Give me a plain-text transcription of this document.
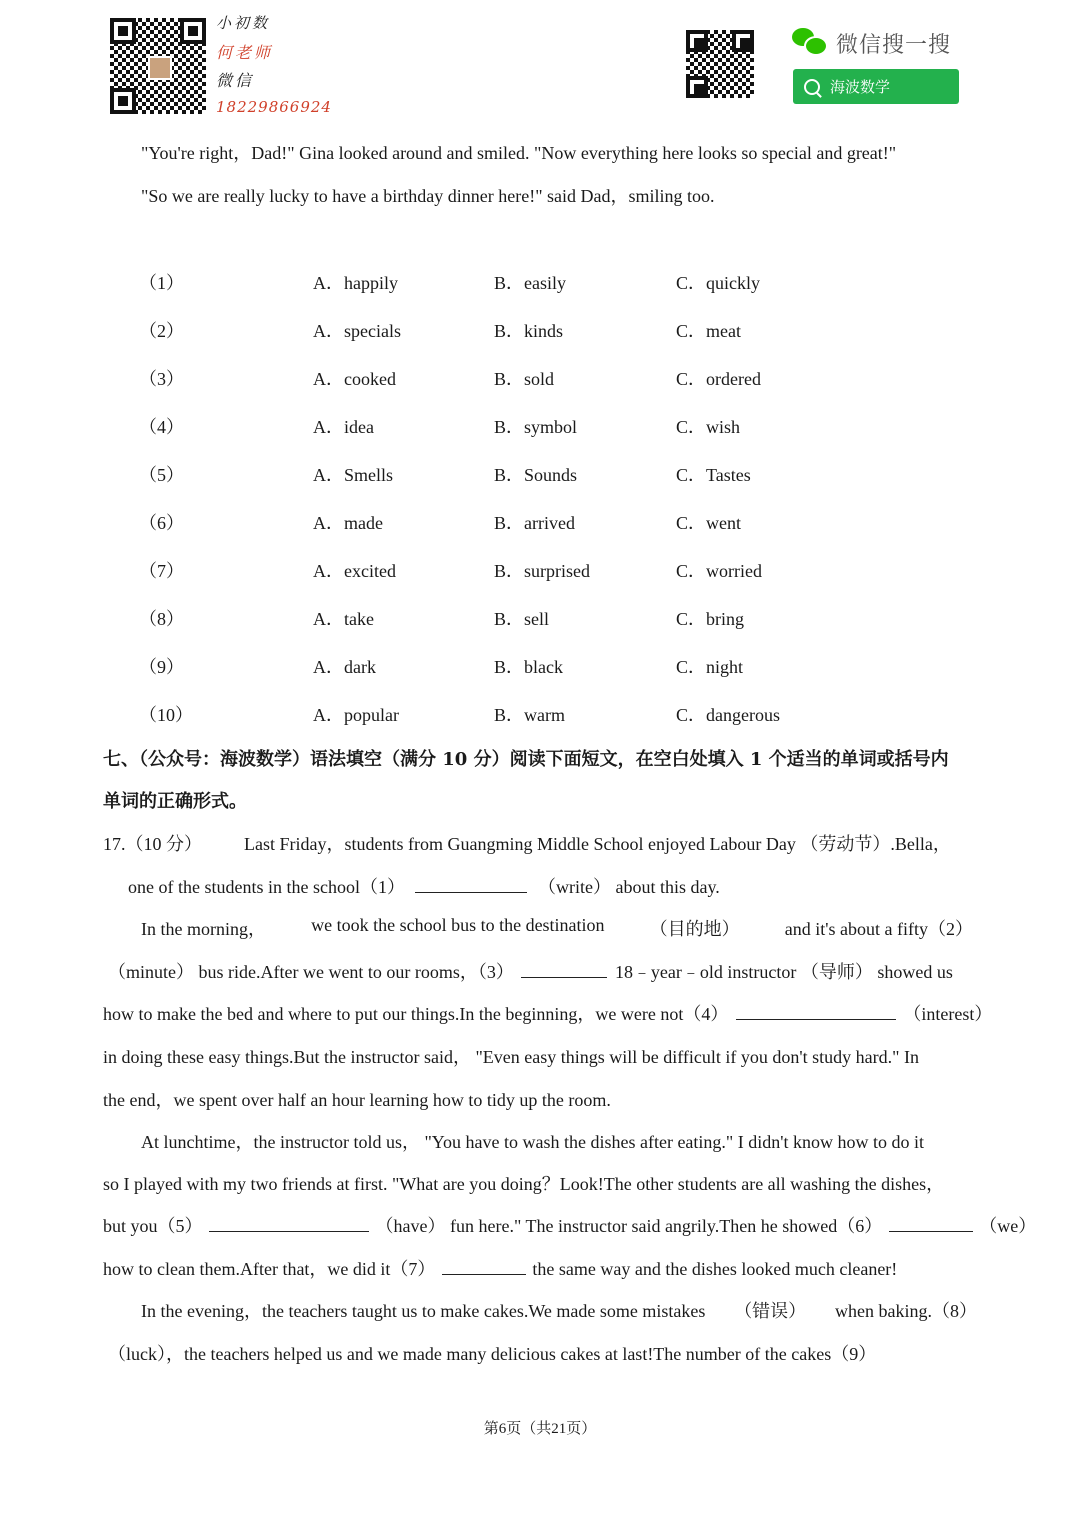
小初数
何老师
微信
18229866924
微信搜一搜
海波数学
"You're right，Dad!" Gina looked around and smiled. "Now everything here looks so special and great!"
"So we are really lucky to have a birthday dinner here!" said Dad，smiling too.
（1）	A．happily	B．easily	C．quickly
（2）	A．specials	B．kinds	C．meat
（3）	A．cooked	B．sold	C．ordered
（4）	A．idea	B．symbol	C．wish
（5）	A．Smells	B．Sounds	C．Tastes
（6）	A．made	B．arrived	C．went
（7）	A．excited	B．surprised	C．worried
（8）	A．take	B．sell	C．bring
（9）	A．dark	B．black	C．night
（10）	A．popular	B．warm	C．dangerous
七、（公众号：海波数学）语法填空（满分 10 分）阅读下面短文，在空白处填入 1 个适当的单词或括号内
单词的正确形式。
17.（10 分） Last Friday，students from Guangming Middle School enjoyed Labour Day （劳动节）.Bella，
one of the students in the school（1）	（write） about this day.
In the morning，	we took the school bus to the destination	（目的地）	and it's about a fifty（2）
（minute） bus ride.After we went to our rooms，（3）	18﹣year﹣old instructor （导师） showed us
how to make the bed and where to put our things.In the beginning，we were not（4）	（interest）
in doing these easy things.But the instructor said， "Even easy things will be difficult if you don't study hard." In
the end，we spent over half an hour learning how to tidy up the room.
At lunchtime，the instructor told us， "You have to wash the dishes after eating." I didn't know how to do it
so I played with my two friends at first. "What are you doing？Look!The other students are all washing the dishes，
but you（5）	（have） fun here." The instructor said angrily.Then he showed（6）	（we）
how to clean them.After that，we did it（7）	the same way and the dishes looked much cleaner!
In the evening，the teachers taught us to make cakes.We made some mistakes （错误） when baking.（8）
（luck），the teachers helped us and we made many delicious cakes at last!The number of the cakes（9）
第6页（共21页）
